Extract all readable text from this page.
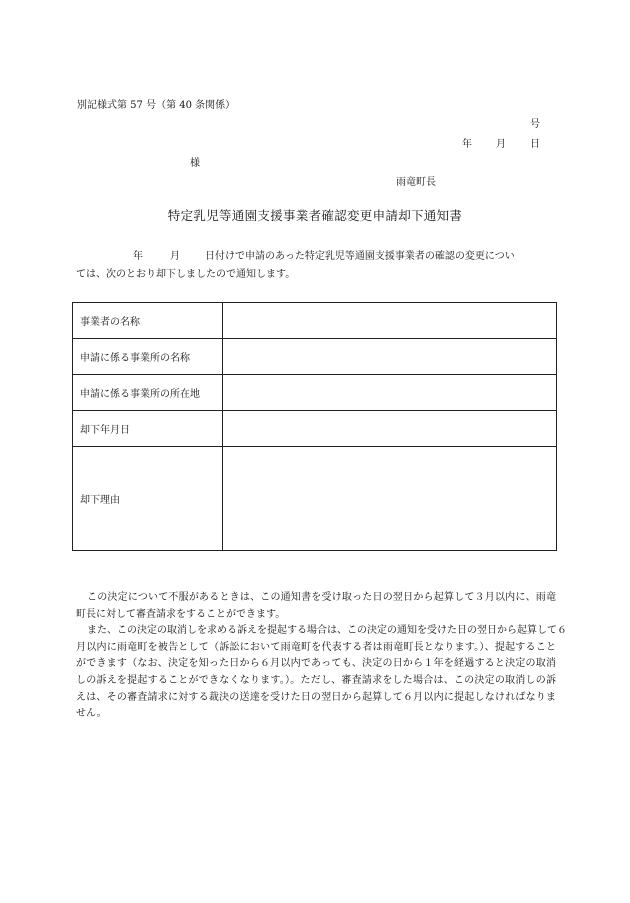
別記様式第 57 号（第 40 条関係）
号
年 月 日
様
雨竜町長
特定乳児等通園支援事業者確認変更申請却下通知書
年	月	日付けで申請のあった特定乳児等通園支援事業者の確認の変更につい
ては、次のとおり却下しましたので通知します。
事業者の名称	
申請に係る事業所の名称	
申請に係る事業所の所在地	
却下年月日	
却下理由	
この決定について不服があるときは、この通知書を受け取った日の翌日から起算して３月以内に、雨竜
町長に対して審査請求をすることができます。
また、この決定の取消しを求める訴えを提起する場合は、この決定の通知を受けた日の翌日から起算して６
月以内に雨竜町を被告として（訴訟において雨竜町を代表する者は雨竜町長となります。）、提起すること
ができます（なお、決定を知った日から６月以内であっても、決定の日から１年を経過すると決定の取消
しの訴えを提起することができなくなります。）。ただし、審査請求をした場合は、この決定の取消しの訴
えは、その審査請求に対する裁決の送達を受けた日の翌日から起算して６月以内に提起しなければなりま
せん。
